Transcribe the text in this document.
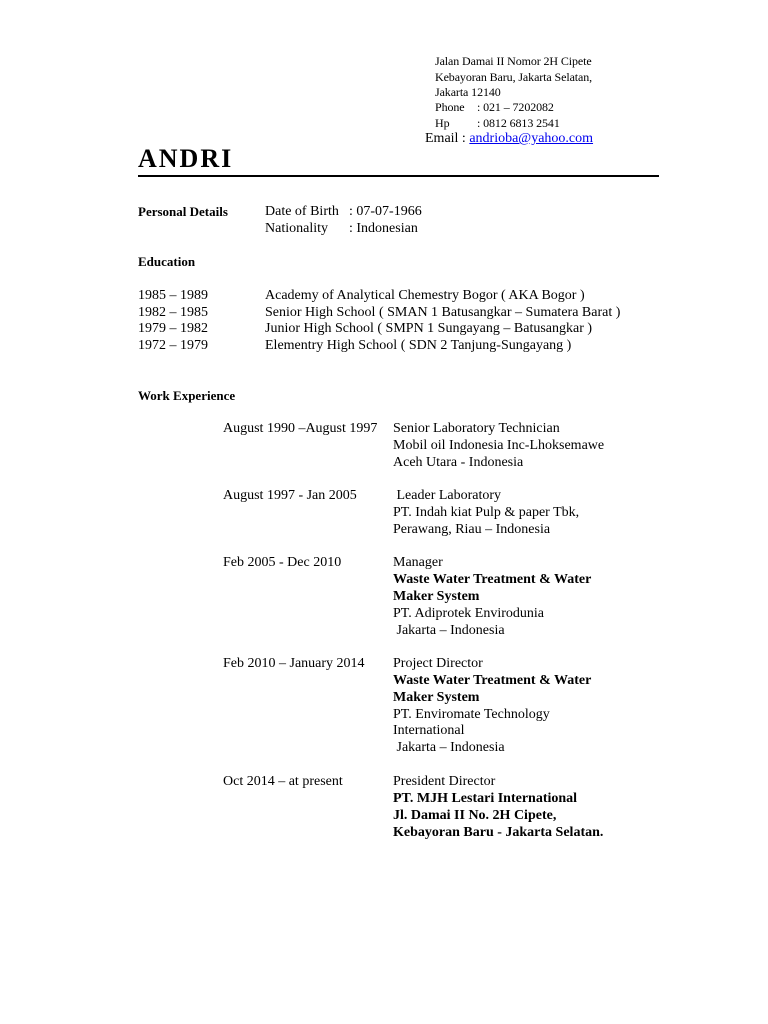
Jalan Damai II Nomor 2H Cipete
Kebayoran Baru, Jakarta Selatan,
Jakarta 12140
Phone : 021 – 7202082
Hp : 0812 6813 2541
Email : andrioba@yahoo.com
ANDRI
Personal Details	Date of Birth : 07-07-1966
Nationality : Indonesian
Education
1985 – 1989	Academy of Analytical Chemestry Bogor ( AKA Bogor )
1982 – 1985	Senior High School ( SMAN 1 Batusangkar – Sumatera Barat )
1979 – 1982	Junior High School ( SMPN 1 Sungayang – Batusangkar )
1972 – 1979	Elementry High School ( SDN 2 Tanjung-Sungayang )
Work Experience
August 1990 –August 1997 Senior Laboratory Technician
Mobil oil Indonesia Inc-Lhoksemawe
Aceh Utara - Indonesia
August 1997 - Jan 2005	Leader Laboratory
PT. Indah kiat Pulp & paper Tbk,
Perawang, Riau – Indonesia
Feb 2005 - Dec 2010	Manager
Waste Water Treatment & Water
Maker System
PT. Adiprotek Envirodunia
Jakarta – Indonesia
Feb 2010 – January 2014 Project Director
Waste Water Treatment & Water
Maker System
PT. Enviromate Technology
International
Jakarta – Indonesia
Oct 2014 – at present	President Director
PT. MJH Lestari International
Jl. Damai II No. 2H Cipete,
Kebayoran Baru - Jakarta Selatan.
